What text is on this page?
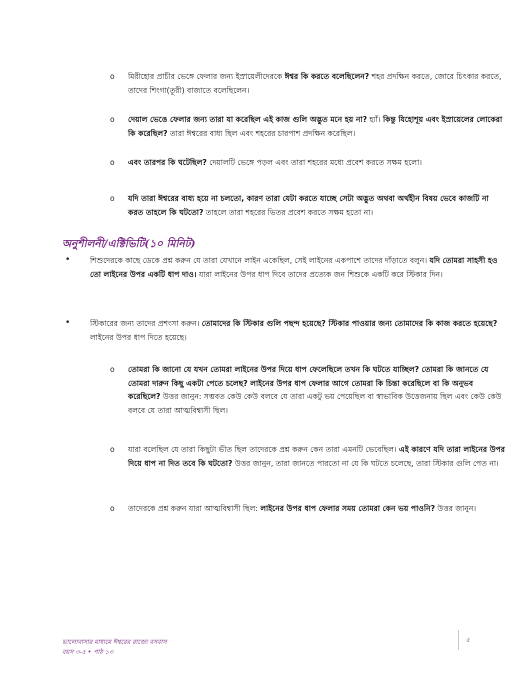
o	মিরীহোর প্রাচীর ভেঙ্গে ফেলার জন্য ইস্রায়েলীদেরকে ঈশ্বর কি করতে বলেছিলেন? শহর প্রদক্ষিন করতে, জোরে চিৎকার করতে, তাদের শিংগা(তূরী) বাজাতে বলেছিলেন।
o	দেয়াল ভেঙে ফেলার জন্য তারা যা করেছিল এই কাজ গুলি অদ্ভুত মনে হয় না? হ্যাঁ। কিন্তু যিহোশূয় এবং ইস্রায়েলের লোকেরা কি করেছিল? তারা ঈশ্বরের বাধ্য ছিল এবং শহরের চারপাশ প্রদক্ষিন করেছিল।
o	এবং তারপর কি ঘটেছিল? দেয়ালটি ভেঙ্গে পড়ল এবং তারা শহরের মধ্যে প্রবেশ করতে সক্ষম হলো।
o	যদি তারা ঈশ্বরের বাধ্য হয়ে না চলতো, কারণ তারা যেটা করতে যাচ্ছে সেটা অদ্ভুত অথবা অর্থহীন বিষয় ভেবে কাজটি না করত তাহলে কি ঘটতো? তাহলে তারা শহরের ভিতর প্রবেশ করতে সক্ষম হতো না।
অনুশীলনী/এক্টিভিটি(১০ মিনিট)
•	শিশুদেরকে কাছে ডেকে প্রশ্ন করুন যে তারা যেখানে লাইন একেছিল, সেই লাইনের একপাশে তাদের দাঁড়াতে বলুন। যদি তোমরা সাহসী হও তো লাইনের উপর একটি ধাপ দাও। যারা লাইনের উপর ধাপ দিবে তাদের প্রত্যেক জন শিশুকে একটি করে স্টিকার দিন।
•	স্টিকারের জন্য তাদের প্রশংসা করুন। তোমাদের কি স্টিকার গুলি পছন্দ হয়েছে? স্টিকার পাওয়ার জন্য তোমাদের কি কাজ করতে হয়েছে? লাইনের উপর ধাপ দিতে হয়েছে।
o	তোমরা কি জানো যে যখন তোমরা লাইনের উপর দিয়ে ধাপ ফেলেছিলে তখন কি ঘটতে যাচ্ছিল? তোমরা কি জানতে যে তোমরা দারুন কিছু একটা পেতে চলেছ? লাইনের উপর ধাপ ফেলার আগে তোমরা কি চিন্তা করেছিলে বা কি অনুভব করেছিলে? উত্তর জানুন: সম্ভবত কেউ কেউ বলবে যে তারা একটু ভয় পেয়েছিল বা স্বাভাবিক উত্তেজনায় ছিল এবং কেউ কেউ বলবে যে তারা আত্মবিশ্বাসী ছিল।
o	যারা বলেছিল যে তারা কিছুটা ভীত ছিল তাদেরকে প্রশ্ন করুন কেন তারা এমনটি ভেবেছিল। এই কারণে যদি তারা লাইনের উপর দিয়ে ধাপ না দিত তবে কি ঘটতো? উত্তর জানুন, তারা জানতে পারতো না যে কি ঘটতে চলেছে, তারা স্টিকার গুলি পেত না।
o	তাদেরকে প্রশ্ন করুন যারা আত্মবিশ্বাসী ছিল: লাইনের উপর ধাপ ফেলার সময় তোমরা কেন ভয় পাওনি? উত্তর জানুন।
ভালোবাসার মাধ্যমে ঈশ্বরের রাজ্যে বসবাস
বয়স ৩-৫ • পাঠ ১৩
৫
